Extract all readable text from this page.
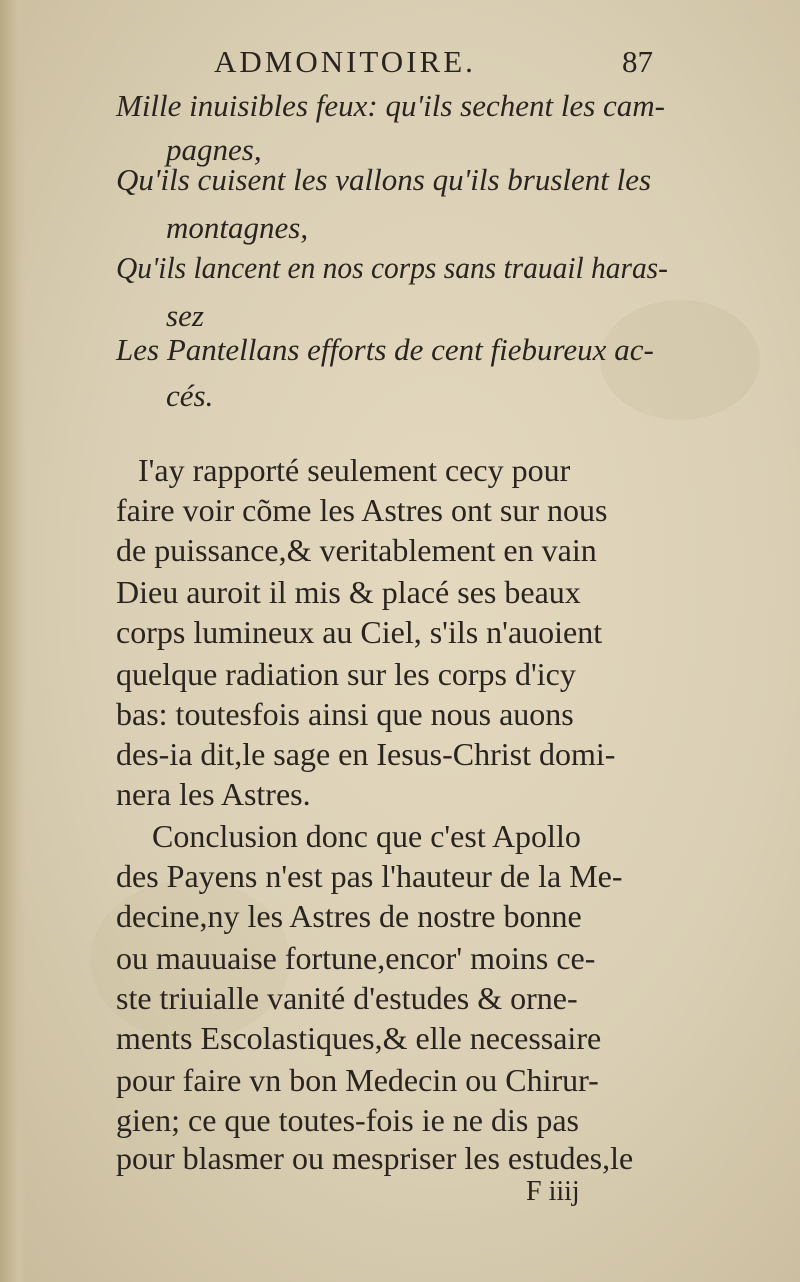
ADMONITOIRE.	87
Mille inuisibles feux: qu'ils sechent les cam-
pagnes,
Qu'ils cuisent les vallons qu'ils bruslent les
montagnes,
Qu'ils lancent en nos corps sans trauail haras-
sez
Les Pantellans efforts de cent fiebureux ac-
cés.
I'ay rapporté seulement cecy pour
faire voir cõme les Astres ont sur nous
de puissance,& veritablement en vain
Dieu auroit il mis & placé ses beaux
corps lumineux au Ciel, s'ils n'auoient
quelque radiation sur les corps d'icy
bas: toutesfois ainsi que nous auons
des-ia dit,le sage en Iesus-Christ domi-
nera les Astres.
Conclusion donc que c'est Apollo
des Payens n'est pas l'hauteur de la Me-
decine,ny les Astres de nostre bonne
ou mauuaise fortune,encor' moins ce-
ste triuialle vanité d'estudes & orne-
ments Escolastiques,& elle necessaire
pour faire vn bon Medecin ou Chirur-
gien; ce que toutes-fois ie ne dis pas
pour blasmer ou mespriser les estudes,le
F iiij
